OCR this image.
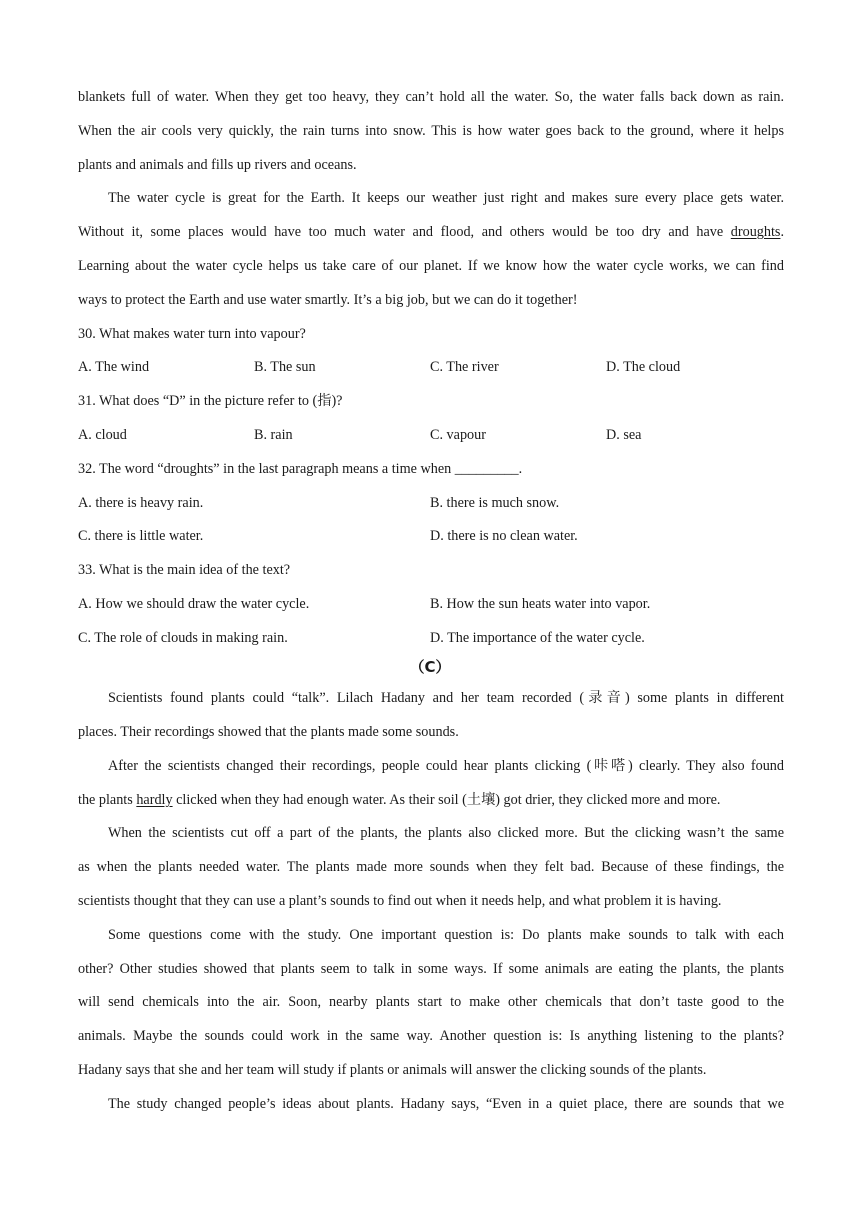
blankets full of water. When they get too heavy, they can’t hold all the water. So, the water falls back down as rain.
When the air cools very quickly, the rain turns into snow. This is how water goes back to the ground, where it helps
plants and animals and fills up rivers and oceans.
The water cycle is great for the Earth. It keeps our weather just right and makes sure every place gets water.
Without it, some places would have too much water and flood, and others would be too dry and have droughts.
Learning about the water cycle helps us take care of our planet. If we know how the water cycle works, we can find
ways to protect the Earth and use water smartly. It’s a big job, but we can do it together!
30. What makes water turn into vapour?
A. The wind	B. The sun	C. The river	D. The cloud
31. What does “D” in the picture refer to (指)?
A. cloud	B. rain	C. vapour	D. sea
32. The word “droughts” in the last paragraph means a time when _________.
A. there is heavy rain.	B. there is much snow.
C. there is little water.	D. there is no clean water.
33. What is the main idea of the text?
A. How we should draw the water cycle.	B. How the sun heats water into vapor.
C. The role of clouds in making rain.	D. The importance of the water cycle.
（C）
Scientists found plants could “talk”. Lilach Hadany and her team recorded (录音) some plants in different
places. Their recordings showed that the plants made some sounds.
After the scientists changed their recordings, people could hear plants clicking (咔嗒) clearly. They also found
the plants hardly clicked when they had enough water. As their soil (土壤) got drier, they clicked more and more.
When the scientists cut off a part of the plants, the plants also clicked more. But the clicking wasn’t the same
as when the plants needed water. The plants made more sounds when they felt bad. Because of these findings, the
scientists thought that they can use a plant’s sounds to find out when it needs help, and what problem it is having.
Some questions come with the study. One important question is: Do plants make sounds to talk with each
other? Other studies showed that plants seem to talk in some ways. If some animals are eating the plants, the plants
will send chemicals into the air. Soon, nearby plants start to make other chemicals that don’t taste good to the
animals. Maybe the sounds could work in the same way. Another question is: Is anything listening to the plants?
Hadany says that she and her team will study if plants or animals will answer the clicking sounds of the plants.
The study changed people’s ideas about plants. Hadany says, “Even in a quiet place, there are sounds that we
